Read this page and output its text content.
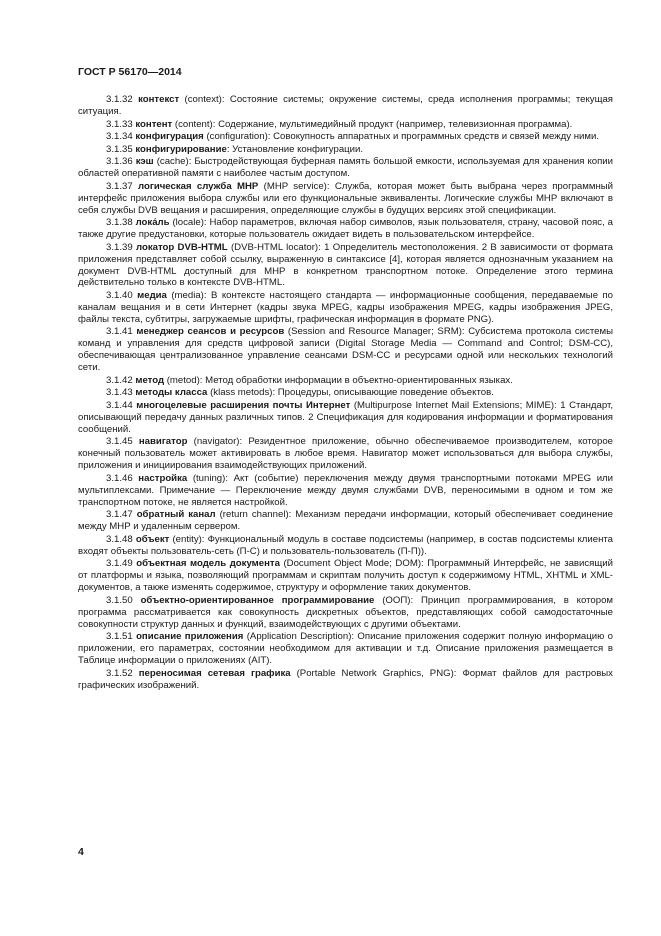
ГОСТ Р 56170—2014

3.1.32 контекст (context): Состояние системы; окружение системы, среда исполнения программы; текущая ситуация.

3.1.33 контент (content): Содержание, мультимедийный продукт (например, телевизионная программа).

3.1.34 конфигурация (configuration): Совокупность аппаратных и программных средств и связей между ними.

3.1.35 конфигурирование: Установление конфигурации.

3.1.36 кэш (cache): Быстродействующая буферная память большой емкости, используемая для хранения копии областей оперативной памяти с наиболее частым доступом.

3.1.37 логическая служба МНР (MHP service): Служба, которая может быть выбрана через программный интерфейс приложения выбора службы или его функциональные эквиваленты. Логические службы МНР включают в себя службы DVB вещания и расширения, определяющие службы в будущих версиях этой спецификации.

3.1.38 лока́ль (locale): Набор параметров, включая набор символов, язык пользователя, страну, часовой пояс, а также другие предустановки, которые пользователь ожидает видеть в пользовательском интерфейсе.

3.1.39 локатор DVB-HTML (DVB-HTML locator): 1 Определитель местоположения. 2 В зависимости от формата приложения представляет собой ссылку, выраженную в синтаксисе [4], которая является однозначным указанием на документ DVB-HTML доступный для МНР в конкретном транспортном потоке. Определение этого термина действительно только в контексте DVB-HTML.

3.1.40 медиа (media): В контексте настоящего стандарта — информационные сообщения, передаваемые по каналам вещания и в сети Интернет (кадры звука MPEG, кадры изображения MPEG, кадры изображения JPEG, файлы текста, субтитры, загружаемые шрифты, графическая информация в формате PNG).

3.1.41 менеджер сеансов и ресурсов (Session and Resource Manager; SRM): Субсистема протокола системы команд и управления для средств цифровой записи (Digital Storage Media — Command and Control; DSM-CC), обеспечивающая централизованное управление сеансами DSM-CC и ресурсами одной или нескольких технологий сети.

3.1.42 метод (metod): Метод обработки информации в объектно-ориентированных языках.

3.1.43 методы класса (klass metods): Процедуры, описывающие поведение объектов.

3.1.44 многоцелевые расширения почты Интернет (Multipurpose Internet Mail Extensions; MIME): 1 Стандарт, описывающий передачу данных различных типов. 2 Спецификация для кодирования информации и форматирования сообщений.

3.1.45 навигатор (navigator): Резидентное приложение, обычно обеспечиваемое производителем, которое конечный пользователь может активировать в любое время. Навигатор может использоваться для выбора службы, приложения и инициирования взаимодействующих приложений.

3.1.46 настройка (tuning): Акт (событие) переключения между двумя транспортными потоками MPEG или мультиплексами. Примечание — Переключение между двумя службами DVB, переносимыми в одном и том же транспортном потоке, не является настройкой.

3.1.47 обратный канал (return channel): Механизм передачи информации, который обеспечивает соединение между МНР и удаленным сервером.

3.1.48 объект (entity): Функциональный модуль в составе подсистемы (например, в состав подсистемы клиента входят объекты пользователь-сеть (П-С) и пользователь-пользователь (П-П)).

3.1.49 объектная модель документа (Document Object Mode; DOM): Программный Интерфейс, не зависящий от платформы и языка, позволяющий программам и скриптам получить доступ к содержимому HTML, XHTML и XML-документов, а также изменять содержимое, структуру и оформление таких документов.

3.1.50 объектно-ориентированное программирование (ООП): Принцип программирования, в котором программа рассматривается как совокупность дискретных объектов, представляющих собой самодостаточные совокупности структур данных и функций, взаимодействующих с другими объектами.

3.1.51 описание приложения (Application Description): Описание приложения содержит полную информацию о приложении, его параметрах, состоянии необходимом для активации и т.д. Описание приложения размещается в Таблице информации о приложениях (AIT).

3.1.52 переносимая сетевая графика (Portable Network Graphics, PNG): Формат файлов для растровых графических изображений.

4
